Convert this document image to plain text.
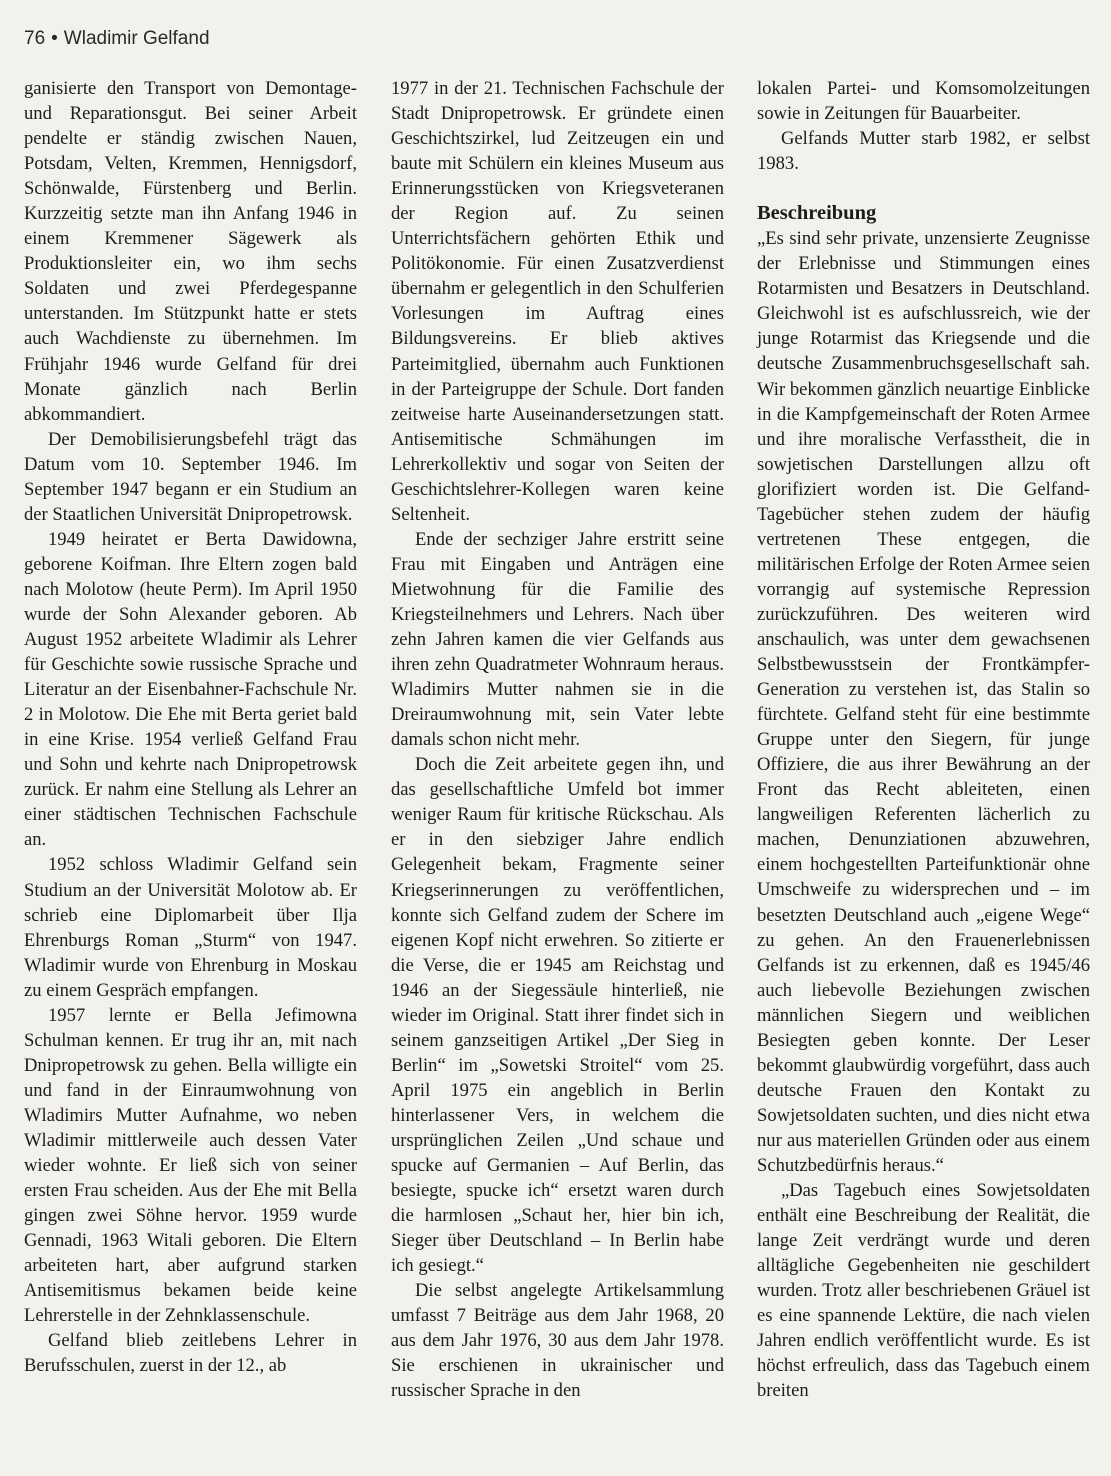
76 • Wladimir Gelfand

ganisierte den Transport von Demontage- und Reparationsgut. Bei seiner Arbeit pendelte er ständig zwischen Nauen, Potsdam, Velten, Kremmen, Hennigsdorf, Schönwalde, Fürstenberg und Berlin. Kurzzeitig setzte man ihn Anfang 1946 in einem Kremmener Sägewerk als Produktionsleiter ein, wo ihm sechs Soldaten und zwei Pferdegespanne unterstanden. Im Stützpunkt hatte er stets auch Wachdienste zu übernehmen. Im Frühjahr 1946 wurde Gelfand für drei Monate gänzlich nach Berlin abkommandiert.

Der Demobilisierungsbefehl trägt das Datum vom 10. September 1946. Im September 1947 begann er ein Studium an der Staatlichen Universität Dnipropetrowsk.

1949 heiratet er Berta Dawidowna, geborene Koifman. Ihre Eltern zogen bald nach Molotow (heute Perm). Im April 1950 wurde der Sohn Alexander geboren. Ab August 1952 arbeitete Wladimir als Lehrer für Geschichte sowie russische Sprache und Literatur an der Eisenbahner-Fachschule Nr. 2 in Molotow. Die Ehe mit Berta geriet bald in eine Krise. 1954 verließ Gelfand Frau und Sohn und kehrte nach Dnipropetrowsk zurück. Er nahm eine Stellung als Lehrer an einer städtischen Technischen Fachschule an.

1952 schloss Wladimir Gelfand sein Studium an der Universität Molotow ab. Er schrieb eine Diplomarbeit über Ilja Ehrenburgs Roman „Sturm“ von 1947. Wladimir wurde von Ehrenburg in Moskau zu einem Gespräch empfangen.

1957 lernte er Bella Jefimowna Schulman kennen. Er trug ihr an, mit nach Dnipropetrowsk zu gehen. Bella willigte ein und fand in der Einraumwohnung von Wladimirs Mutter Aufnahme, wo neben Wladimir mittlerweile auch dessen Vater wieder wohnte. Er ließ sich von seiner ersten Frau scheiden. Aus der Ehe mit Bella gingen zwei Söhne hervor. 1959 wurde Gennadi, 1963 Witali geboren. Die Eltern arbeiteten hart, aber aufgrund starken Antisemitismus bekamen beide keine Lehrerstelle in der Zehnklassenschule.

Gelfand blieb zeitlebens Lehrer in Berufsschulen, zuerst in der 12., ab

1977 in der 21. Technischen Fachschule der Stadt Dnipropetrowsk. Er gründete einen Geschichtszirkel, lud Zeitzeugen ein und baute mit Schülern ein kleines Museum aus Erinnerungsstücken von Kriegsveteranen der Region auf. Zu seinen Unterrichtsfächern gehörten Ethik und Politökonomie. Für einen Zusatzverdienst übernahm er gelegentlich in den Schulferien Vorlesungen im Auftrag eines Bildungsvereins. Er blieb aktives Parteimitglied, übernahm auch Funktionen in der Parteigruppe der Schule. Dort fanden zeitweise harte Auseinandersetzungen statt. Antisemitische Schmähungen im Lehrerkollektiv und sogar von Seiten der Geschichtslehrer-Kollegen waren keine Seltenheit.

Ende der sechziger Jahre erstritt seine Frau mit Eingaben und Anträgen eine Mietwohnung für die Familie des Kriegsteilnehmers und Lehrers. Nach über zehn Jahren kamen die vier Gelfands aus ihren zehn Quadratmeter Wohnraum heraus. Wladimirs Mutter nahmen sie in die Dreiraumwohnung mit, sein Vater lebte damals schon nicht mehr.

Doch die Zeit arbeitete gegen ihn, und das gesellschaftliche Umfeld bot immer weniger Raum für kritische Rückschau. Als er in den siebziger Jahre endlich Gelegenheit bekam, Fragmente seiner Kriegserinnerungen zu veröffentlichen, konnte sich Gelfand zudem der Schere im eigenen Kopf nicht erwehren. So zitierte er die Verse, die er 1945 am Reichstag und 1946 an der Siegessäule hinterließ, nie wieder im Original. Statt ihrer findet sich in seinem ganzseitigen Artikel „Der Sieg in Berlin“ im „Sowetski Stroitel“ vom 25. April 1975 ein angeblich in Berlin hinterlassener Vers, in welchem die ursprünglichen Zeilen „Und schaue und spucke auf Germanien – Auf Berlin, das besiegte, spucke ich“ ersetzt waren durch die harmlosen „Schaut her, hier bin ich, Sieger über Deutschland – In Berlin habe ich gesiegt.“

Die selbst angelegte Artikelsammlung umfasst 7 Beiträge aus dem Jahr 1968, 20 aus dem Jahr 1976, 30 aus dem Jahr 1978. Sie erschienen in ukrainischer und russischer Sprache in den

lokalen Partei- und Komsomolzeitungen sowie in Zeitungen für Bauarbeiter.

Gelfands Mutter starb 1982, er selbst 1983.

Beschreibung

„Es sind sehr private, unzensierte Zeugnisse der Erlebnisse und Stimmungen eines Rotarmisten und Besatzers in Deutschland. Gleichwohl ist es aufschlussreich, wie der junge Rotarmist das Kriegsende und die deutsche Zusammenbruchsgesellschaft sah. Wir bekommen gänzlich neuartige Einblicke in die Kampfgemeinschaft der Roten Armee und ihre moralische Verfasstheit, die in sowjetischen Darstellungen allzu oft glorifiziert worden ist. Die Gelfand-Tagebücher stehen zudem der häufig vertretenen These entgegen, die militärischen Erfolge der Roten Armee seien vorrangig auf systemische Repression zurückzuführen. Des weiteren wird anschaulich, was unter dem gewachsenen Selbstbewusstsein der Frontkämpfer-Generation zu verstehen ist, das Stalin so fürchtete. Gelfand steht für eine bestimmte Gruppe unter den Siegern, für junge Offiziere, die aus ihrer Bewährung an der Front das Recht ableiteten, einen langweiligen Referenten lächerlich zu machen, Denunziationen abzuwehren, einem hochgestellten Parteifunktionär ohne Umschweife zu widersprechen und – im besetzten Deutschland auch „eigene Wege“ zu gehen. An den Frauenerlebnissen Gelfands ist zu erkennen, daß es 1945/46 auch liebevolle Beziehungen zwischen männlichen Siegern und weiblichen Besiegten geben konnte. Der Leser bekommt glaubwürdig vorgeführt, dass auch deutsche Frauen den Kontakt zu Sowjetsoldaten suchten, und dies nicht etwa nur aus materiellen Gründen oder aus einem Schutzbedürfnis heraus.“

„Das Tagebuch eines Sowjetsoldaten enthält eine Beschreibung der Realität, die lange Zeit verdrängt wurde und deren alltägliche Gegebenheiten nie geschildert wurden. Trotz aller beschriebenen Gräuel ist es eine spannende Lektüre, die nach vielen Jahren endlich veröffentlicht wurde. Es ist höchst erfreulich, dass das Tagebuch einem breiten
